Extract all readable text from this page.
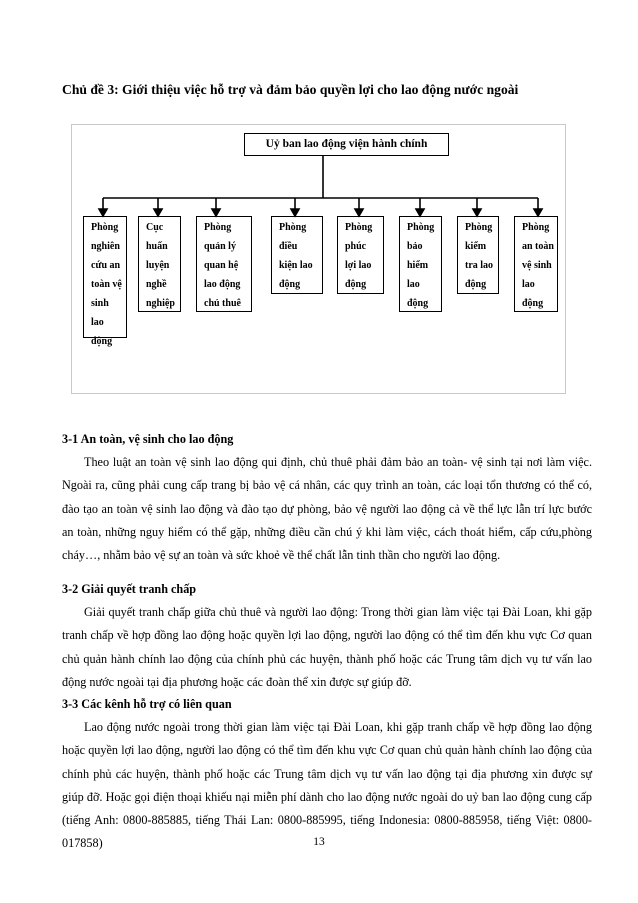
Chủ đề 3: Giới thiệu việc hỗ trợ và đảm bảo quyền lợi cho lao động nước ngoài
Uỷ ban lao động viện hành chính
Phòng
nghiên
cứu an
toàn vệ
sinh
lao động
Cục
huấn
luyện
nghề
nghiệp
Phòng
quản lý
quan hệ
lao động
chủ thuê
Phòng
điều
kiện lao
động
Phòng
phúc
lợi lao
động
Phòng
bảo
hiểm
lao
động
Phòng
kiểm
tra lao
động
Phòng
an toàn
vệ sinh
lao
động
3-1 An toàn, vệ sinh cho lao động
Theo luật an toàn vệ sinh lao động qui định, chủ thuê phải đảm bảo an toàn- vệ sinh tại nơi làm việc. Ngoài ra, cũng phải cung cấp trang bị bảo vệ cá nhân, các quy trình an toàn, các loại tổn thương có thể có, đào tạo an toàn vệ sinh lao động và đào tạo dự phòng, bảo vệ người lao động cả về thể lực lẫn trí lực bước an toàn, những nguy hiểm có thể gặp, những điều cần chú ý khi làm việc, cách thoát hiểm, cấp cứu,phòng cháy…, nhằm bảo vệ sự an toàn và sức khoẻ về thể chất lẫn tinh thần cho người lao động.
3-2 Giải quyết tranh chấp
Giải quyết tranh chấp giữa chủ thuê và người lao động: Trong thời gian làm việc tại Đài Loan, khi gặp tranh chấp về hợp đồng lao động hoặc quyền lợi lao động, người lao động có thể tìm đến khu vực Cơ quan chủ quản hành chính lao động của chính phủ các huyện, thành phố hoặc các Trung tâm dịch vụ tư vấn lao động nước ngoài tại địa phương hoặc các đoàn thể xin được sự giúp đỡ.
3-3 Các kênh hỗ trợ có liên quan
Lao động nước ngoài trong thời gian làm việc tại Đài Loan, khi gặp tranh chấp về hợp đồng lao động hoặc quyền lợi lao động, người lao động có thể tìm đến khu vực Cơ quan chủ quản hành chính lao động của chính phủ các huyện, thành phố hoặc các Trung tâm dịch vụ tư vấn lao động tại địa phương xin được sự giúp đỡ. Hoặc gọi điện thoại khiếu nại miễn phí dành cho lao động nước ngoài do uỷ ban lao động cung cấp (tiếng Anh: 0800-885885, tiếng Thái Lan: 0800-885995, tiếng Indonesia: 0800-885958, tiếng Việt: 0800-017858)	13
